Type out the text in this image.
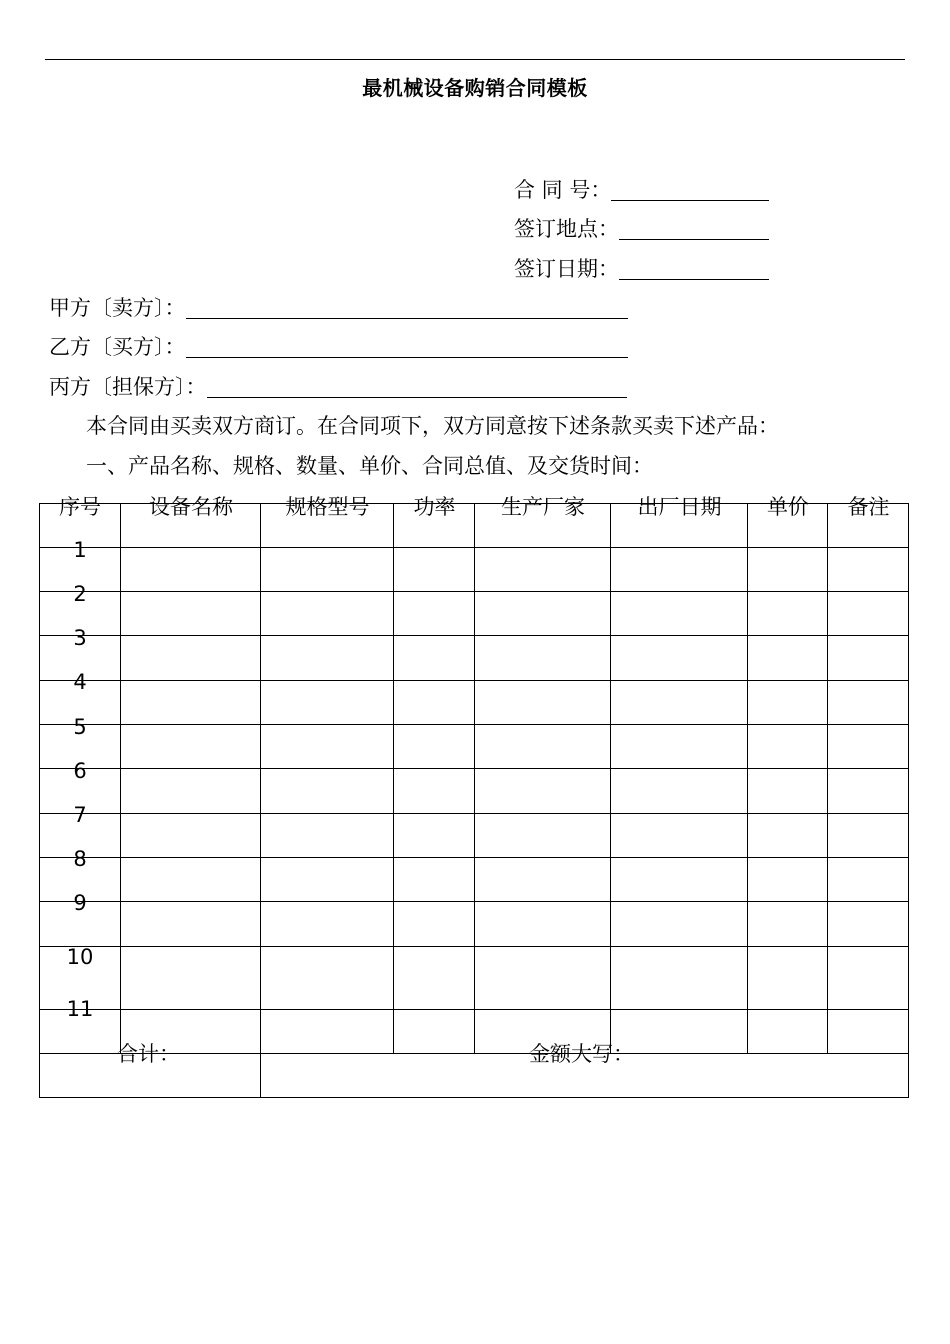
最机械设备购销合同模板
合 同 号：
签订地点：
签订日期：
甲方〔卖方〕：
乙方〔买方〕：
丙方〔担保方〕：
本合同由买卖双方商订。在合同项下，双方同意按下述条款买卖下述产品：
一、产品名称、规格、数量、单价、合同总值、及交货时间：
序号	设备名称	规格型号	功率	生产厂家	出厂日期	单价	备注
1
2
3
4
5
6
7
8
9
10
11
合计：	金额大写：
